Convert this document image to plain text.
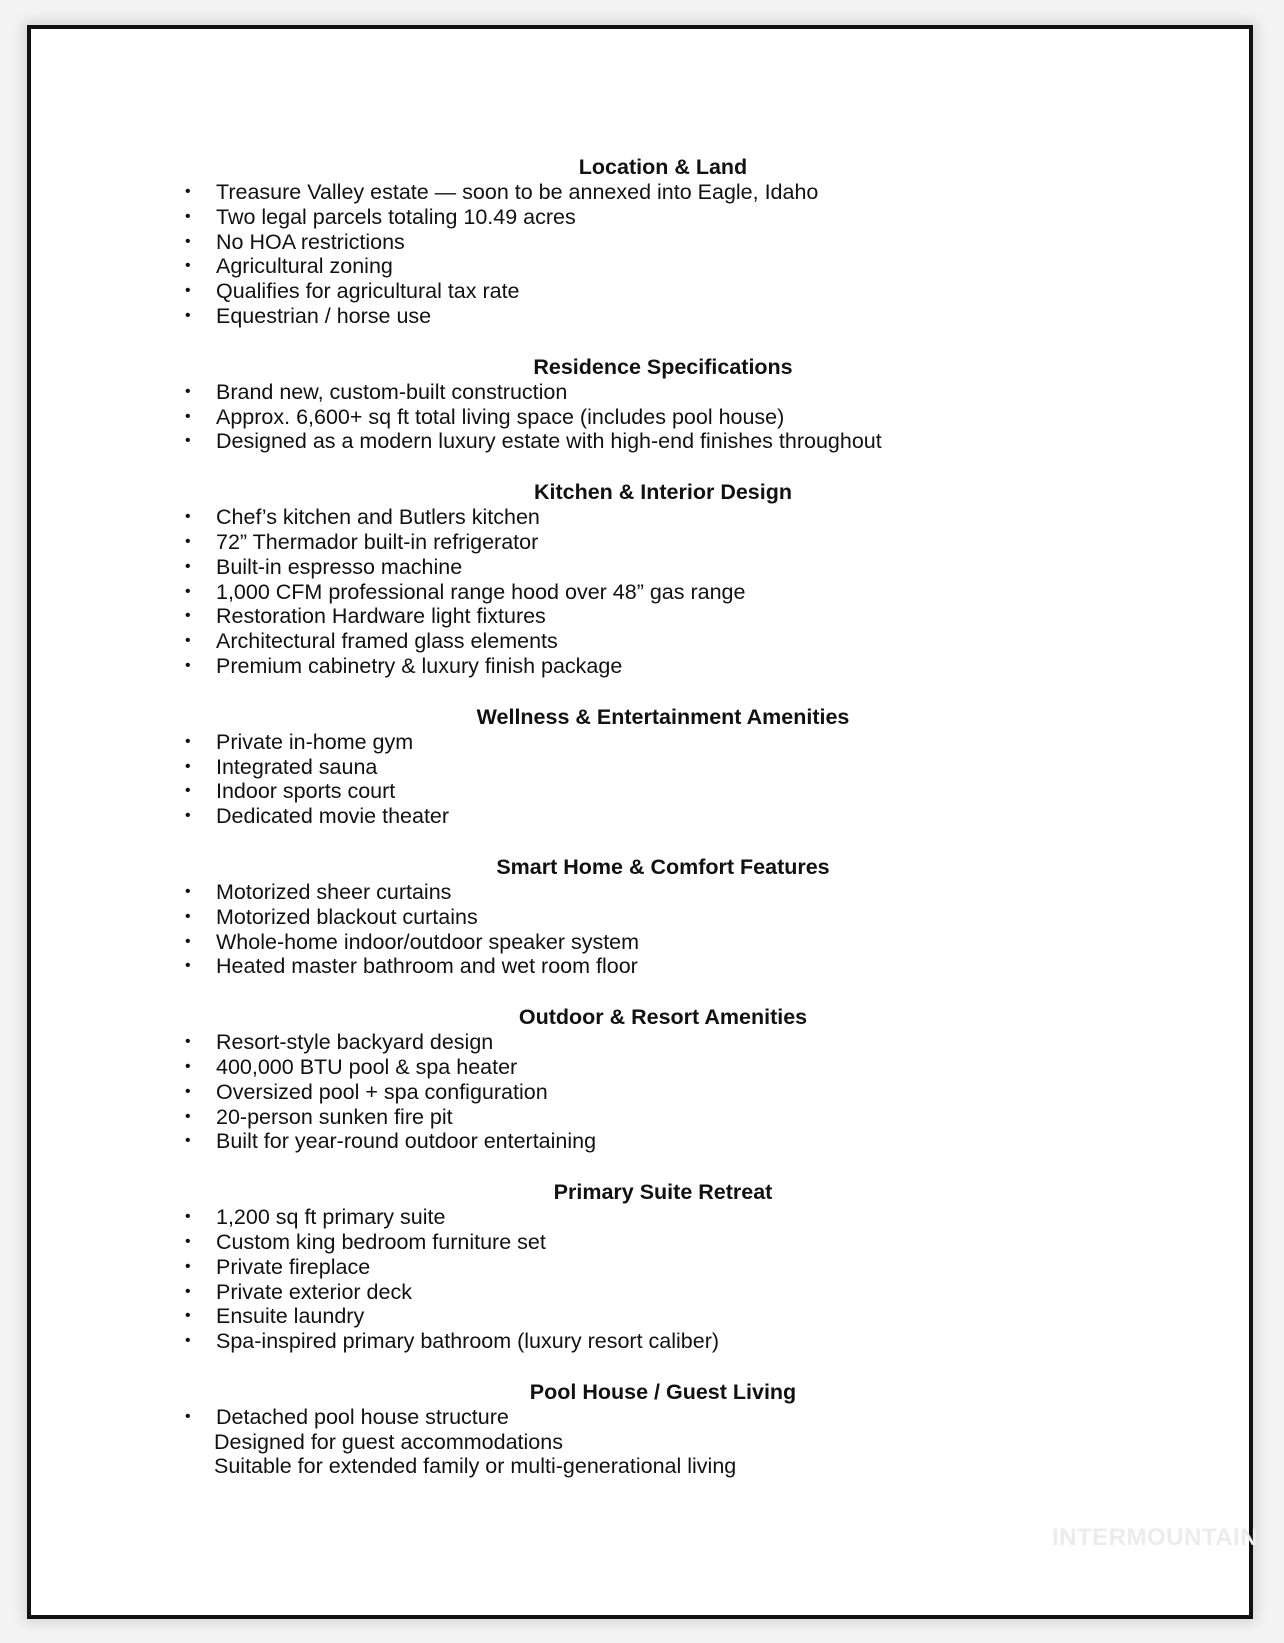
Location & Land
• Treasure Valley estate — soon to be annexed into Eagle, Idaho
• Two legal parcels totaling 10.49 acres
• No HOA restrictions
• Agricultural zoning
• Qualifies for agricultural tax rate
• Equestrian / horse use
Residence Specifications
• Brand new, custom-built construction
• Approx. 6,600+ sq ft total living space (includes pool house)
• Designed as a modern luxury estate with high-end finishes throughout
Kitchen & Interior Design
• Chef’s kitchen and Butlers kitchen
• 72” Thermador built-in refrigerator
• Built-in espresso machine
• 1,000 CFM professional range hood over 48” gas range
• Restoration Hardware light fixtures
• Architectural framed glass elements
• Premium cabinetry & luxury finish package
Wellness & Entertainment Amenities
• Private in-home gym
• Integrated sauna
• Indoor sports court
• Dedicated movie theater
Smart Home & Comfort Features
• Motorized sheer curtains
• Motorized blackout curtains
• Whole-home indoor/outdoor speaker system
• Heated master bathroom and wet room floor
Outdoor & Resort Amenities
• Resort-style backyard design
• 400,000 BTU pool & spa heater
• Oversized pool + spa configuration
• 20-person sunken fire pit
• Built for year-round outdoor entertaining
Primary Suite Retreat
• 1,200 sq ft primary suite
• Custom king bedroom furniture set
• Private fireplace
• Private exterior deck
• Ensuite laundry
• Spa-inspired primary bathroom (luxury resort caliber)
Pool House / Guest Living
• Detached pool house structure
Designed for guest accommodations
Suitable for extended family or multi-generational living
INTERMOUNTAIN
